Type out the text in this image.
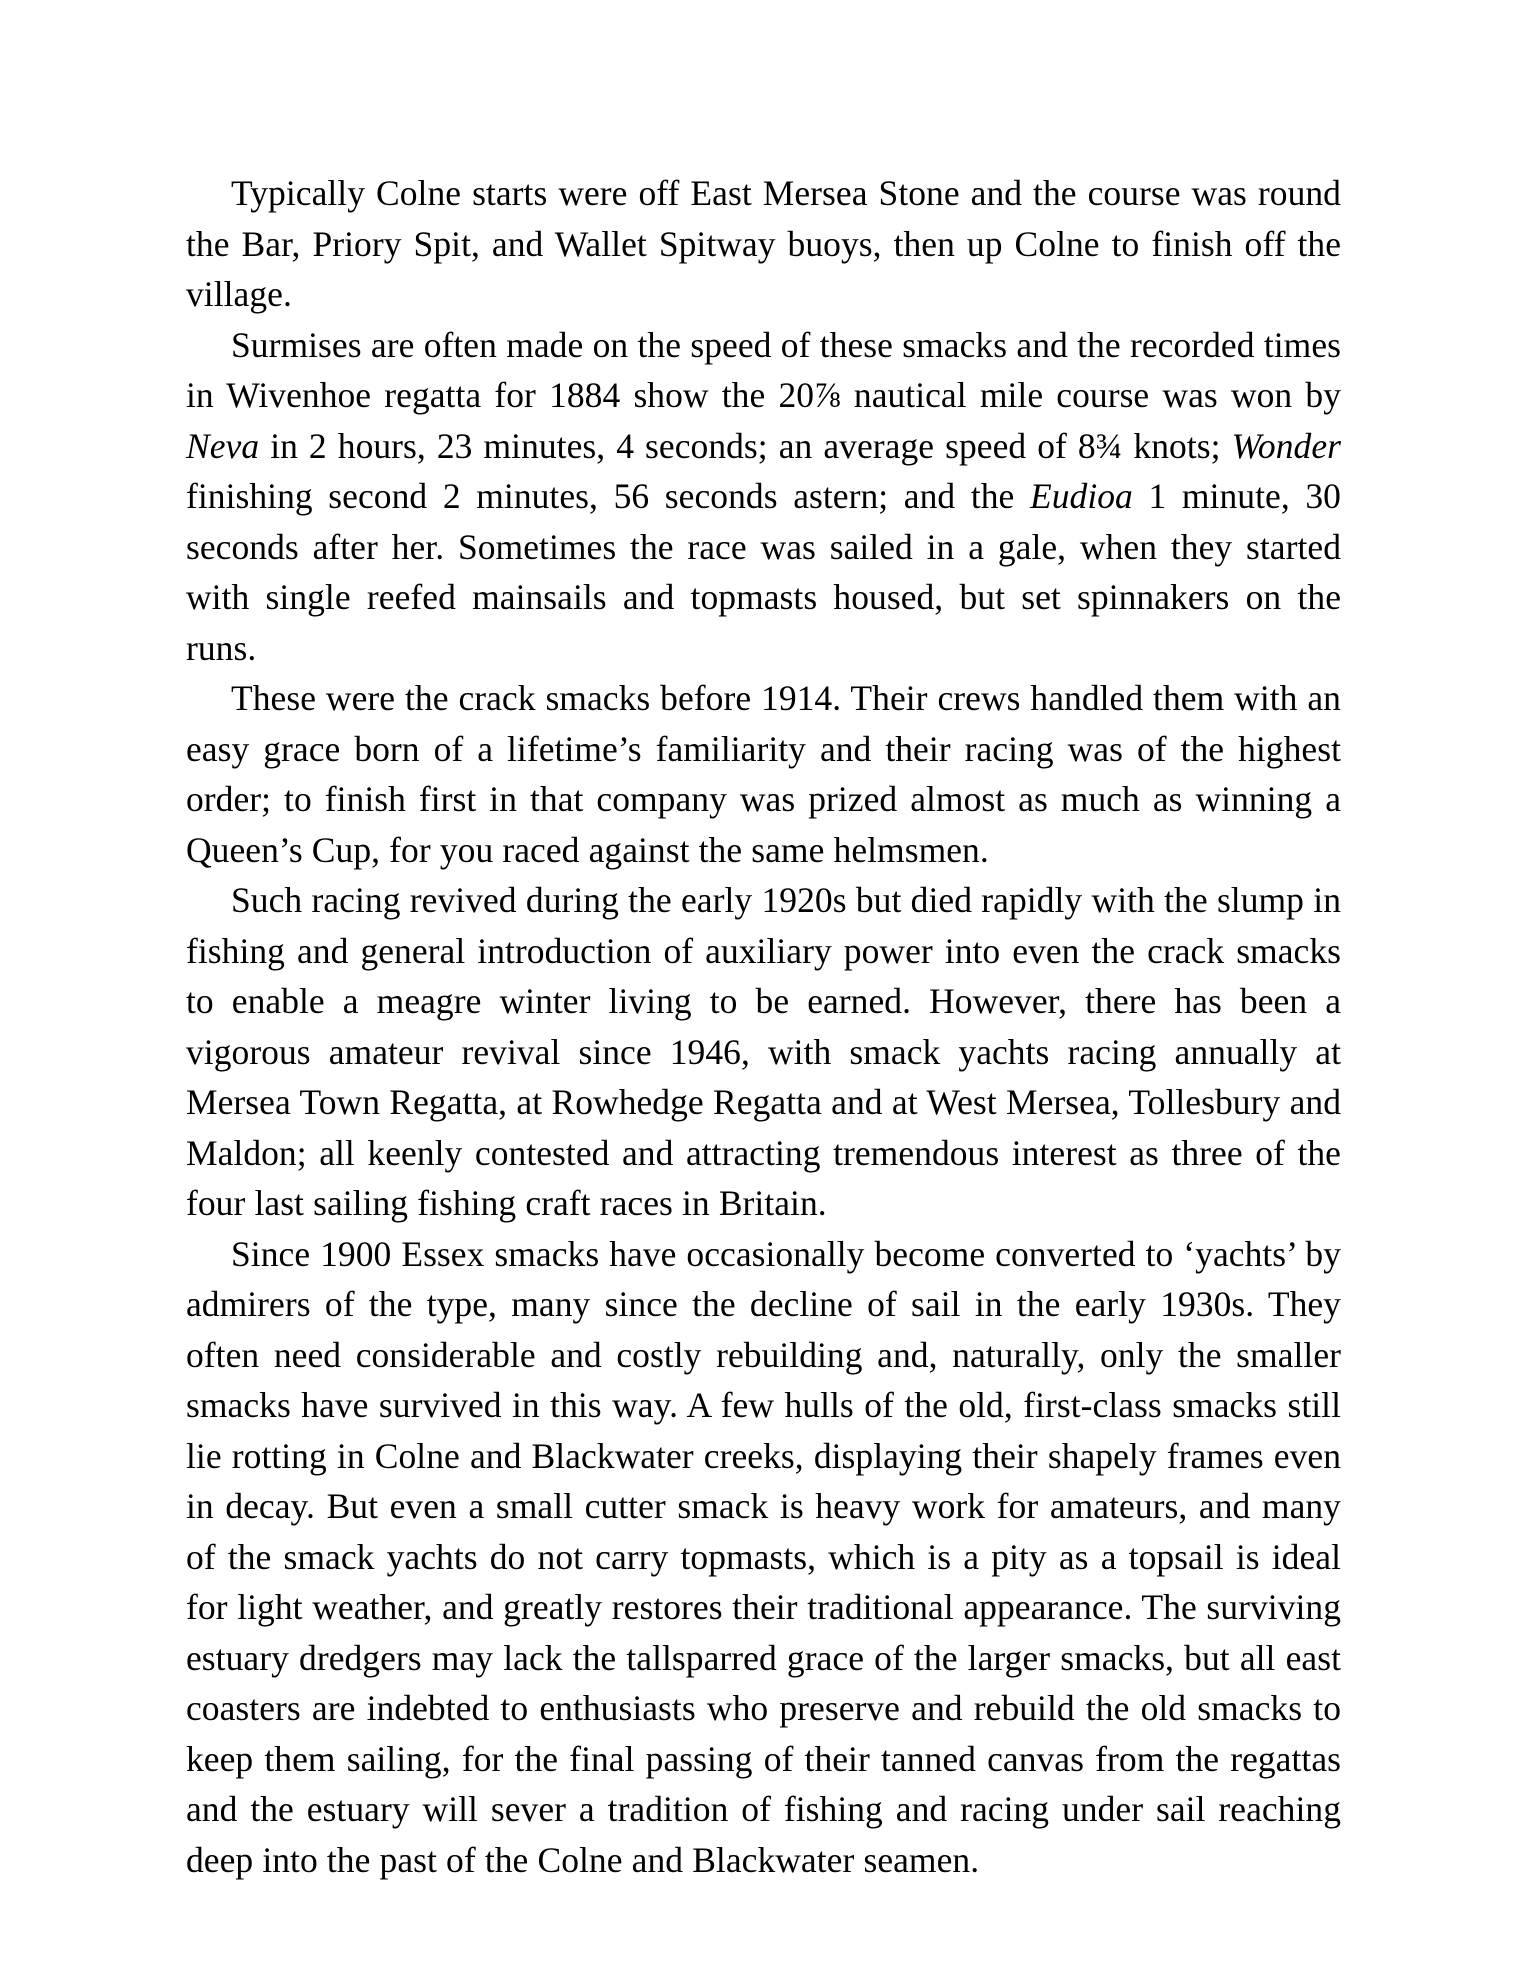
Typically Colne starts were off East Mersea Stone and the course was round the Bar, Priory Spit, and Wallet Spitway buoys, then up Colne to finish off the village.

Surmises are often made on the speed of these smacks and the recorded times in Wivenhoe regatta for 1884 show the 20⅞ nautical mile course was won by Neva in 2 hours, 23 minutes, 4 seconds; an average speed of 8¾ knots; Wonder finishing second 2 minutes, 56 seconds astern; and the Eudioa 1 minute, 30 seconds after her. Sometimes the race was sailed in a gale, when they started with single reefed mainsails and topmasts housed, but set spinnakers on the runs.

These were the crack smacks before 1914. Their crews handled them with an easy grace born of a lifetime’s familiarity and their racing was of the highest order; to finish first in that company was prized almost as much as winning a Queen’s Cup, for you raced against the same helmsmen.

Such racing revived during the early 1920s but died rapidly with the slump in fishing and general introduction of auxiliary power into even the crack smacks to enable a meagre winter living to be earned. However, there has been a vigorous amateur revival since 1946, with smack yachts racing annually at Mersea Town Regatta, at Rowhedge Regatta and at West Mersea, Tollesbury and Maldon; all keenly contested and attracting tremendous interest as three of the four last sailing fishing craft races in Britain.

Since 1900 Essex smacks have occasionally become converted to ‘yachts’ by admirers of the type, many since the decline of sail in the early 1930s. They often need considerable and costly rebuilding and, naturally, only the smaller smacks have survived in this way. A few hulls of the old, first-class smacks still lie rotting in Colne and Blackwater creeks, displaying their shapely frames even in decay. But even a small cutter smack is heavy work for amateurs, and many of the smack yachts do not carry topmasts, which is a pity as a topsail is ideal for light weather, and greatly restores their traditional appearance. The surviving estuary dredgers may lack the tallsparred grace of the larger smacks, but all east coasters are indebted to enthusiasts who preserve and rebuild the old smacks to keep them sailing, for the final passing of their tanned canvas from the regattas and the estuary will sever a tradition of fishing and racing under sail reaching deep into the past of the Colne and Blackwater seamen.
